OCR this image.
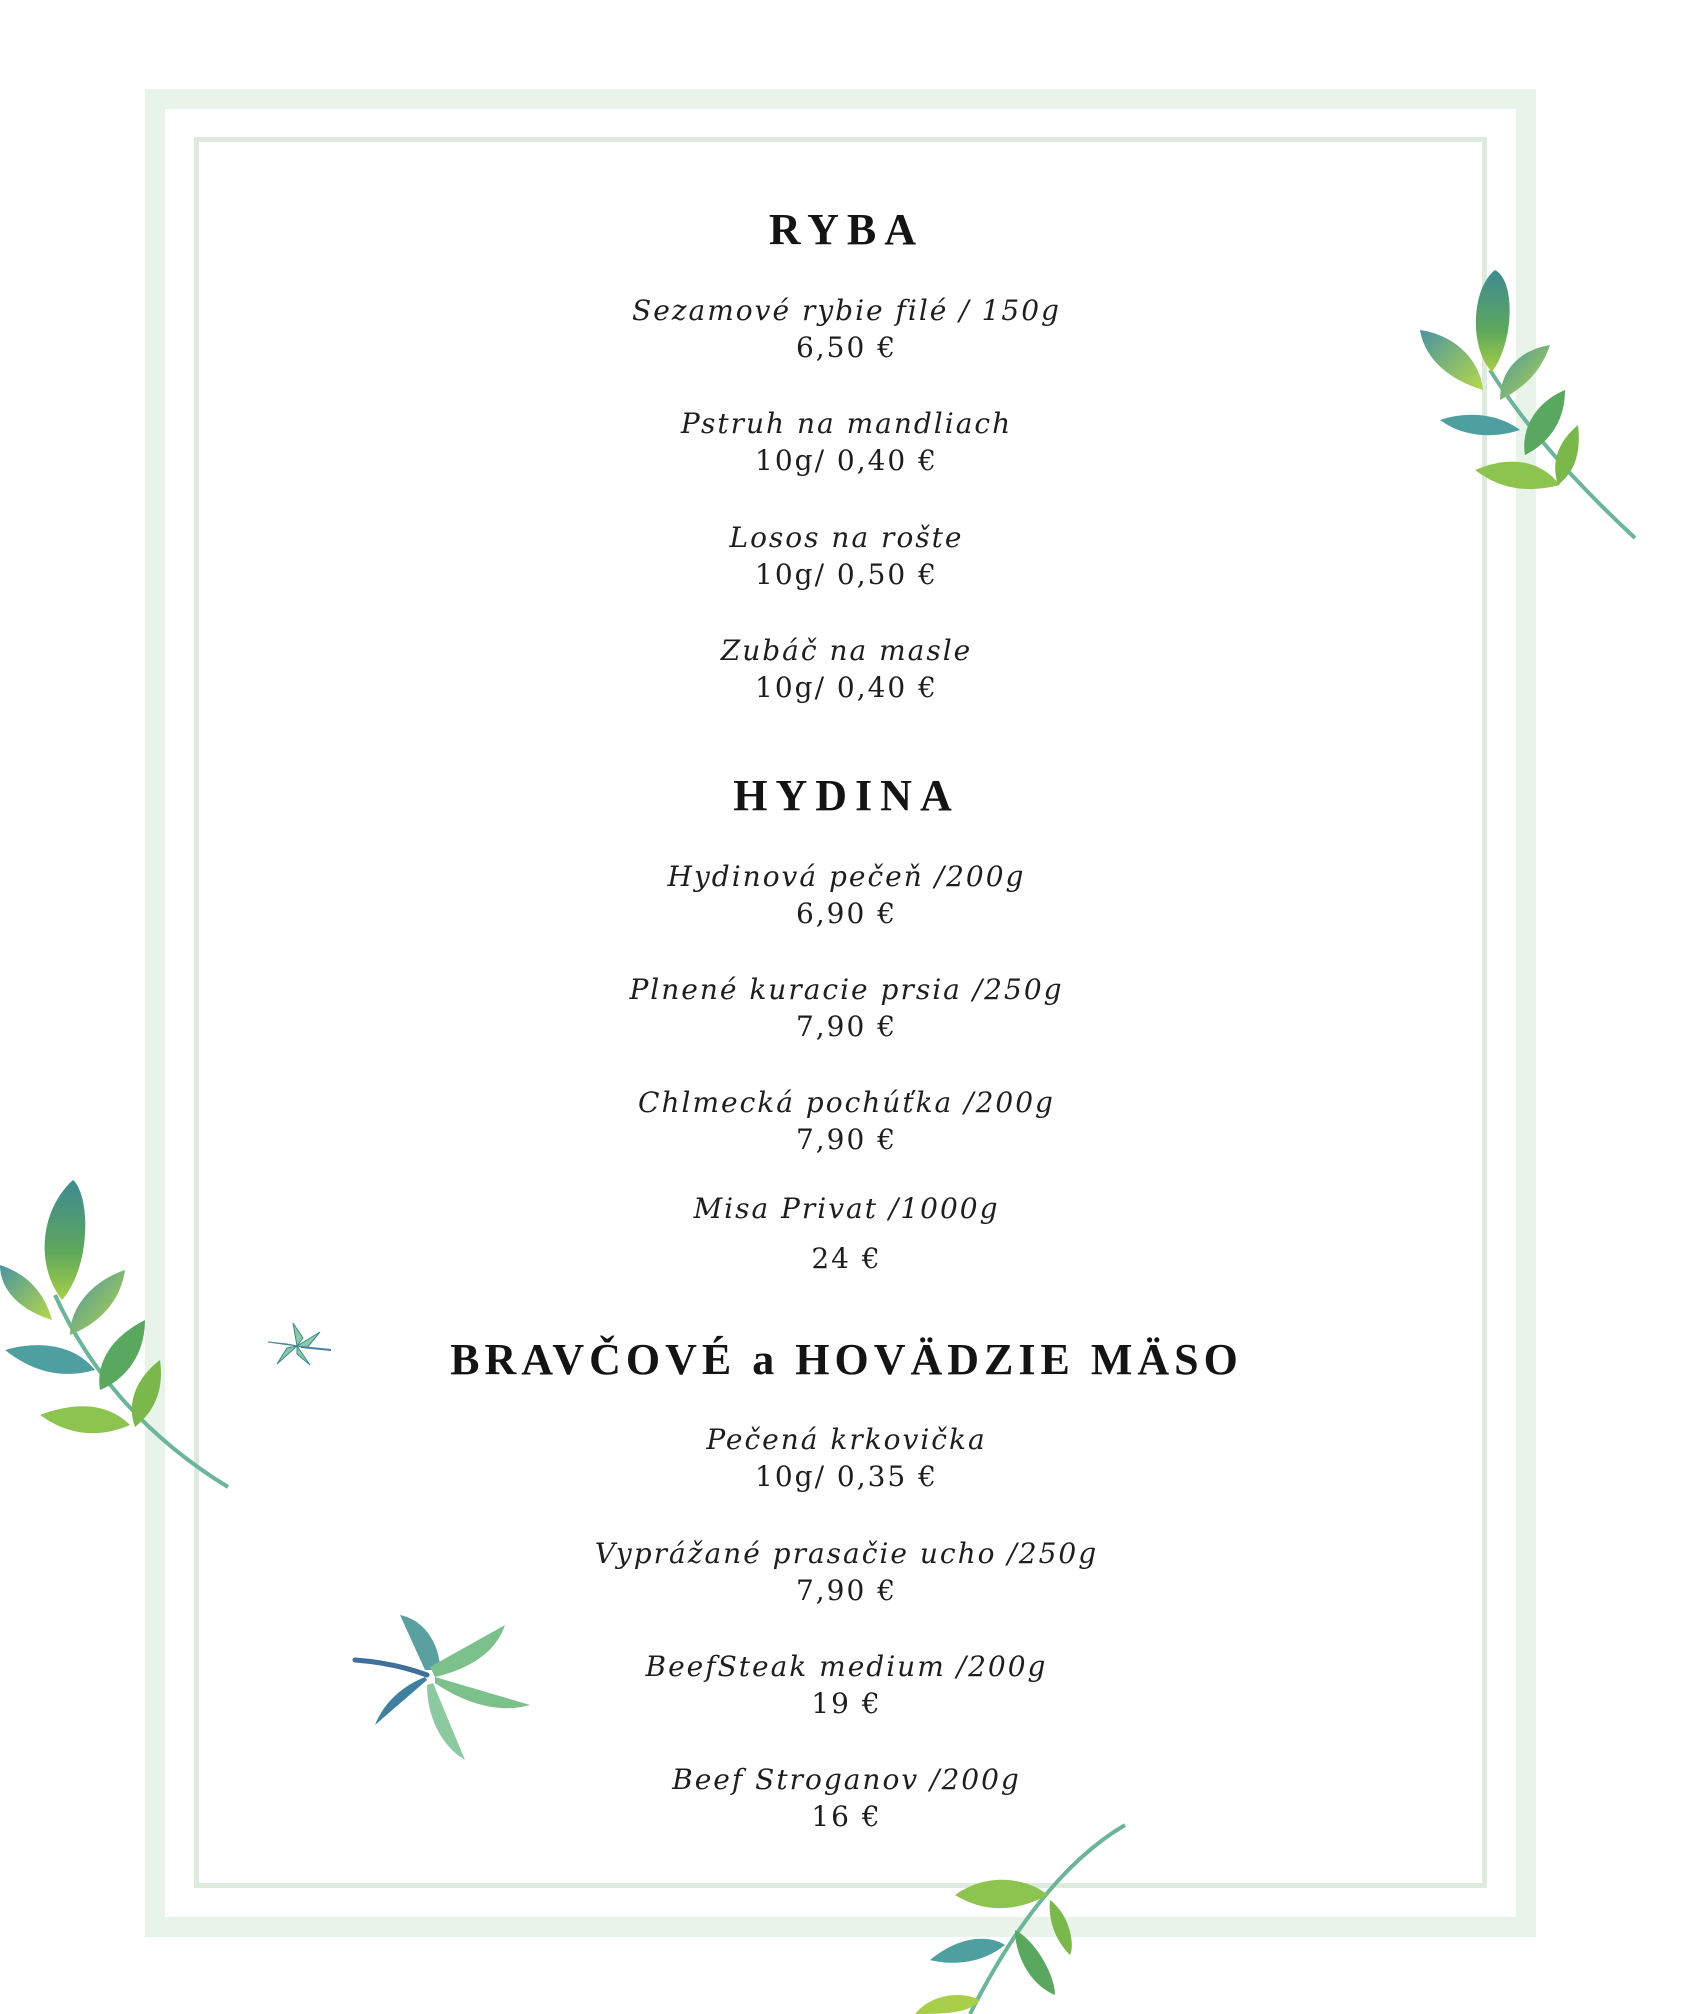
RYBA
Sezamové rybie filé / 150g
6,50 €
Pstruh na mandliach
10g/ 0,40 €
Losos na rošte
10g/ 0,50 €
Zubáč na masle
10g/ 0,40 €
HYDINA
Hydinová pečeň /200g
6,90 €
Plnené kuracie prsia /250g
7,90 €
Chlmecká pochúťka /200g
7,90 €
Misa Privat /1000g
24 €
BRAVČOVÉ a HOVÄDZIE MÄSO
Pečená krkovička
10g/ 0,35 €
Vyprážané prasačie ucho /250g
7,90 €
BeefSteak medium /200g
19 €
Beef Stroganov /200g
16 €
